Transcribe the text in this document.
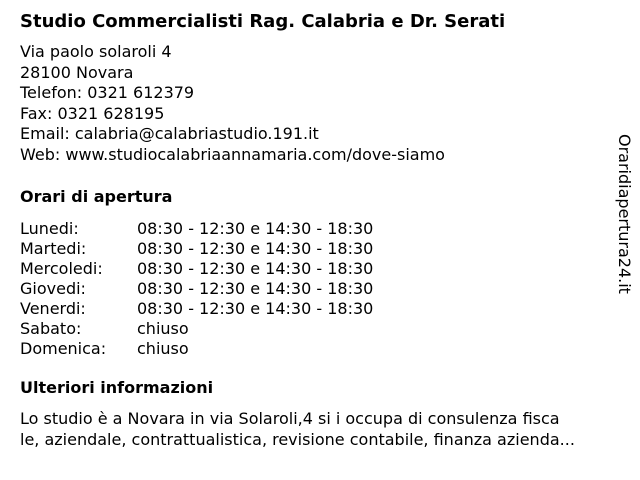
Studio Commercialisti Rag. Calabria e Dr. Serati
Via paolo solaroli 4
28100 Novara
Telefon: 0321 612379
Fax: 0321 628195
Email: calabria@calabriastudio.191.it
Web: www.studiocalabriaannamaria.com/dove-siamo
Orari di apertura
Lunedi:	08:30 - 12:30 e 14:30 - 18:30
Martedi:	08:30 - 12:30 e 14:30 - 18:30
Mercoledi:	08:30 - 12:30 e 14:30 - 18:30
Giovedi:	08:30 - 12:30 e 14:30 - 18:30
Venerdi:	08:30 - 12:30 e 14:30 - 18:30
Sabato:	chiuso
Domenica:	chiuso
Ulteriori informazioni
Lo studio è a Novara in via Solaroli,4 si i occupa di consulenza fisca
le, aziendale, contrattualistica, revisione contabile, finanza azienda...
Oraridiapertura24.it
